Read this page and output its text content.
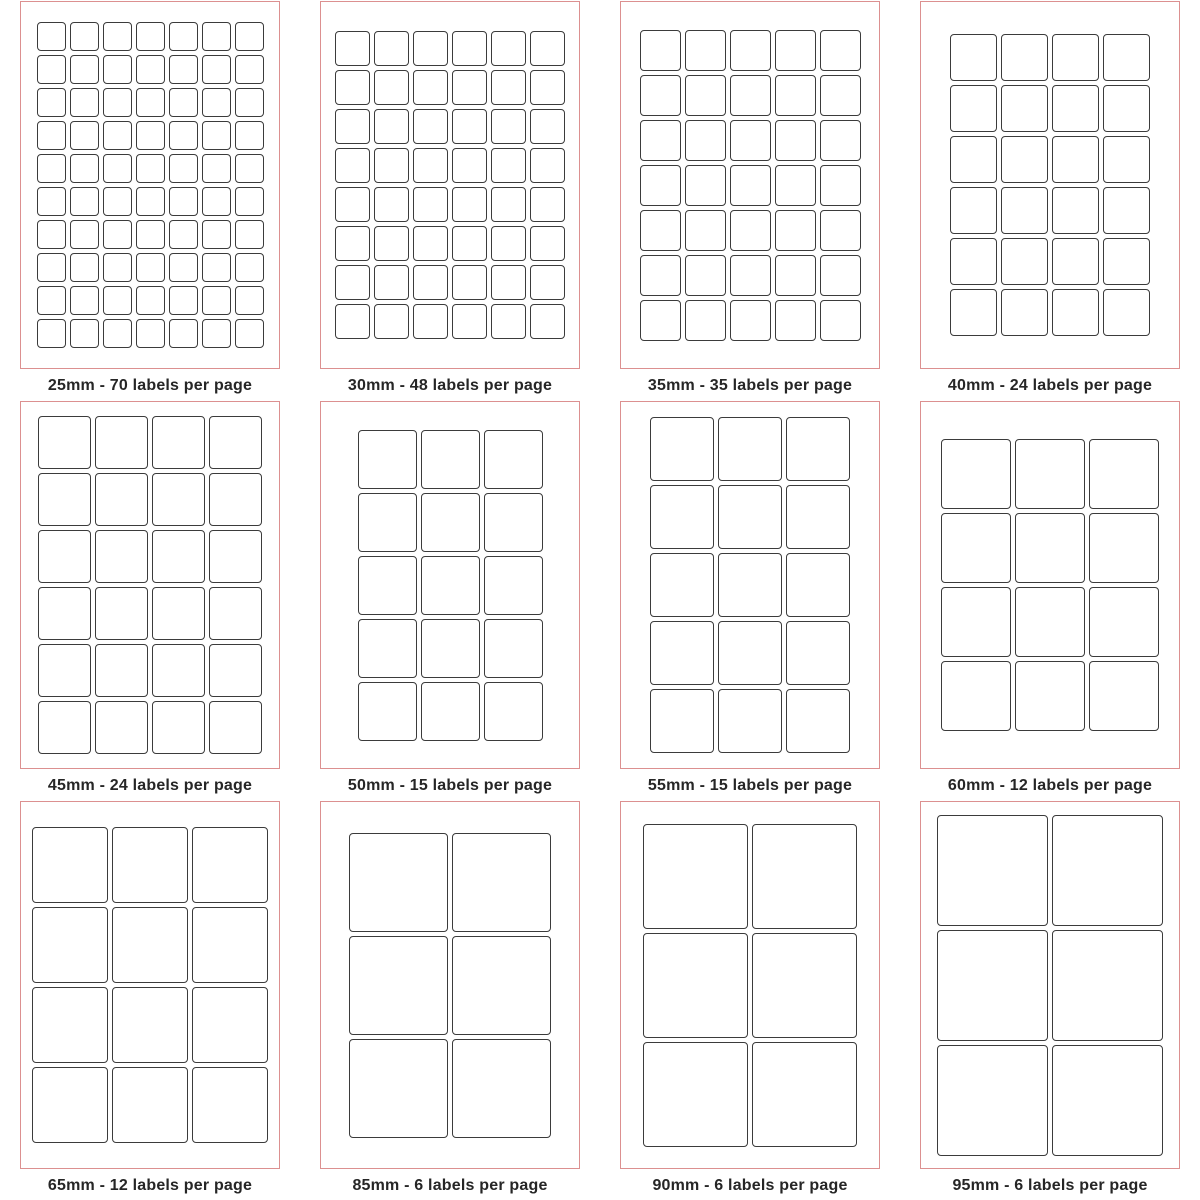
25mm - 70 labels per page	30mm - 48 labels per page	35mm - 35 labels per page	40mm - 24 labels per page

45mm - 24 labels per page	50mm - 15 labels per page	55mm - 15 labels per page	60mm - 12 labels per page

65mm - 12 labels per page	85mm - 6 labels per page	90mm - 6 labels per page	95mm - 6 labels per page
